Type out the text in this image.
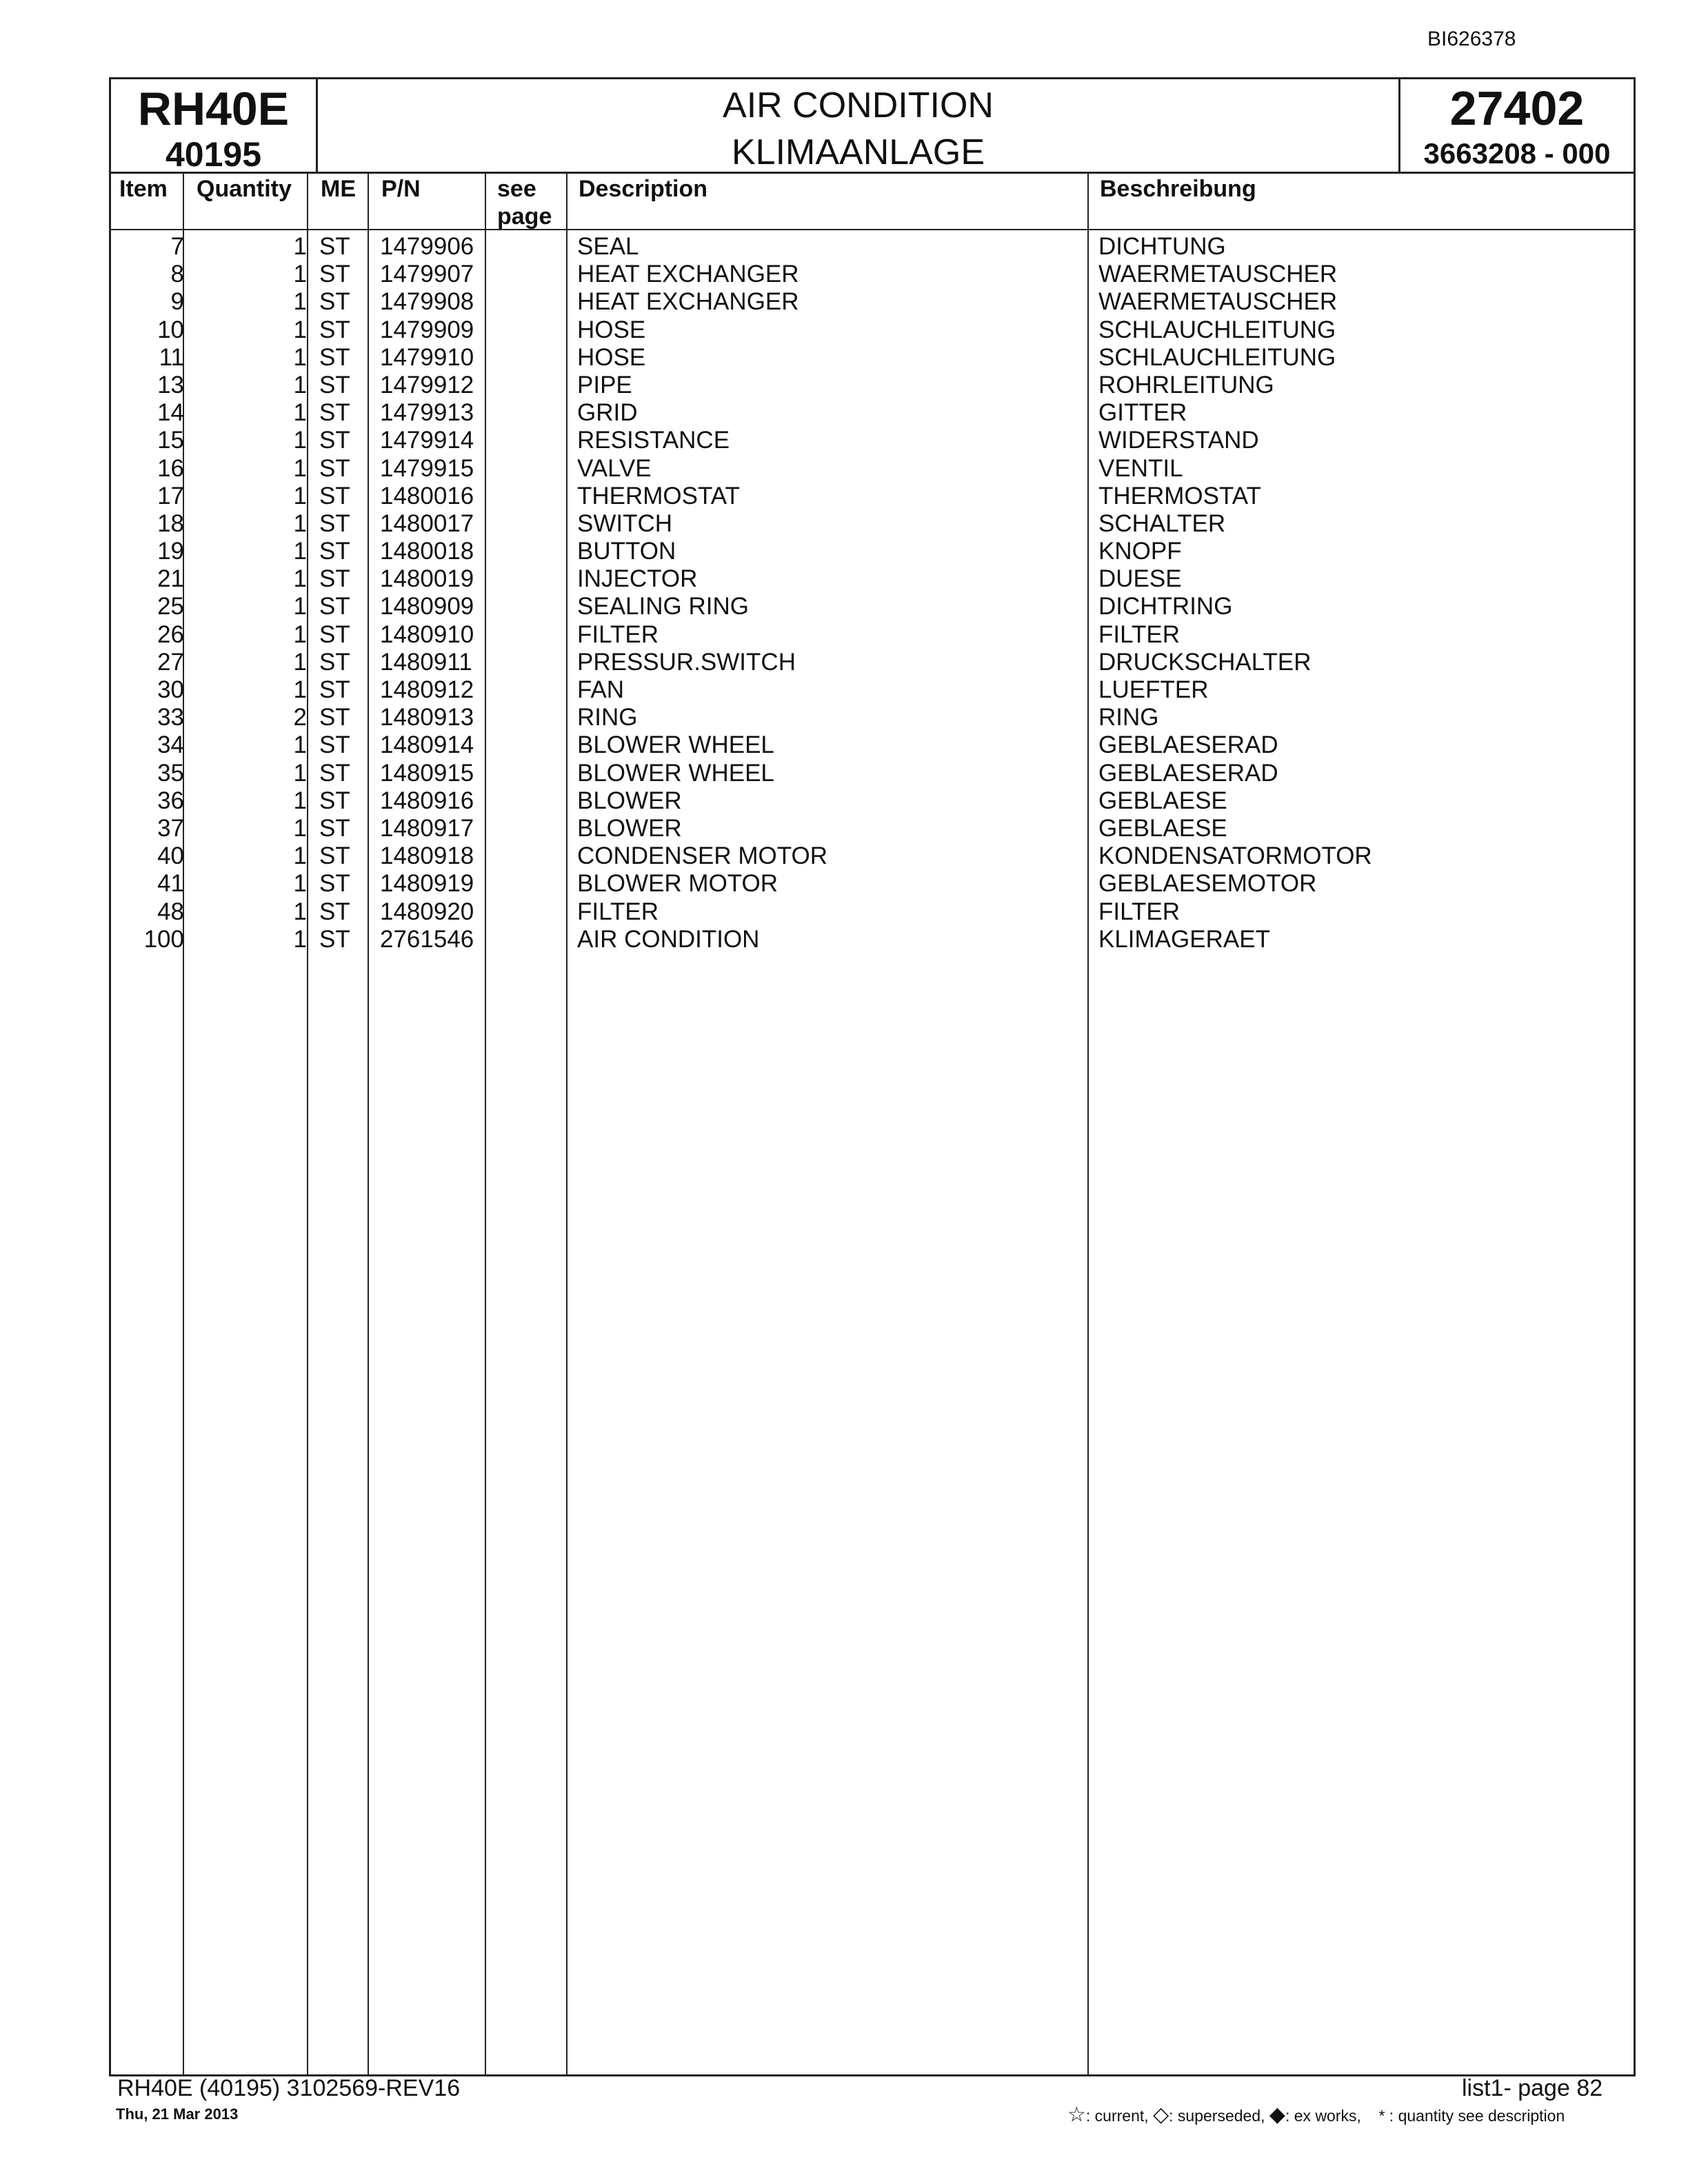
BI626378
RH40E
40195
AIR CONDITION
KLIMAANLAGE
27402
3663208 - 000
Item Quantity ME P/N	see
page
Description	Beschreibung
7	1 ST 1479906	SEAL	DICHTUNG
8	1 ST 1479907	HEAT EXCHANGER	WAERMETAUSCHER
9	1 ST 1479908	HEAT EXCHANGER	WAERMETAUSCHER
10	1 ST 1479909	HOSE	SCHLAUCHLEITUNG
11	1 ST 1479910	HOSE	SCHLAUCHLEITUNG
13	1 ST 1479912	PIPE	ROHRLEITUNG
14	1 ST 1479913	GRID	GITTER
15	1 ST 1479914	RESISTANCE	WIDERSTAND
16	1 ST 1479915	VALVE	VENTIL
17	1 ST 1480016	THERMOSTAT	THERMOSTAT
18	1 ST 1480017	SWITCH	SCHALTER
19	1 ST 1480018	BUTTON	KNOPF
21	1 ST 1480019	INJECTOR	DUESE
25	1 ST 1480909	SEALING RING	DICHTRING
26	1 ST 1480910	FILTER	FILTER
27	1 ST 1480911	PRESSUR.SWITCH	DRUCKSCHALTER
30	1 ST 1480912	FAN	LUEFTER
33	2 ST 1480913	RING	RING
34	1 ST 1480914	BLOWER WHEEL	GEBLAESERAD
35	1 ST 1480915	BLOWER WHEEL	GEBLAESERAD
36	1 ST 1480916	BLOWER	GEBLAESE
37	1 ST 1480917	BLOWER	GEBLAESE
40	1 ST 1480918	CONDENSER MOTOR	KONDENSATORMOTOR
41	1 ST 1480919	BLOWER MOTOR	GEBLAESEMOTOR
48	1 ST 1480920	FILTER	FILTER
100	1 ST 2761546	AIR CONDITION	KLIMAGERAET
RH40E (40195) 3102569-REV16
Thu, 21 Mar 2013
list1- page 82
☆: current, ◇: superseded, ◆: ex works, * : quantity see description
